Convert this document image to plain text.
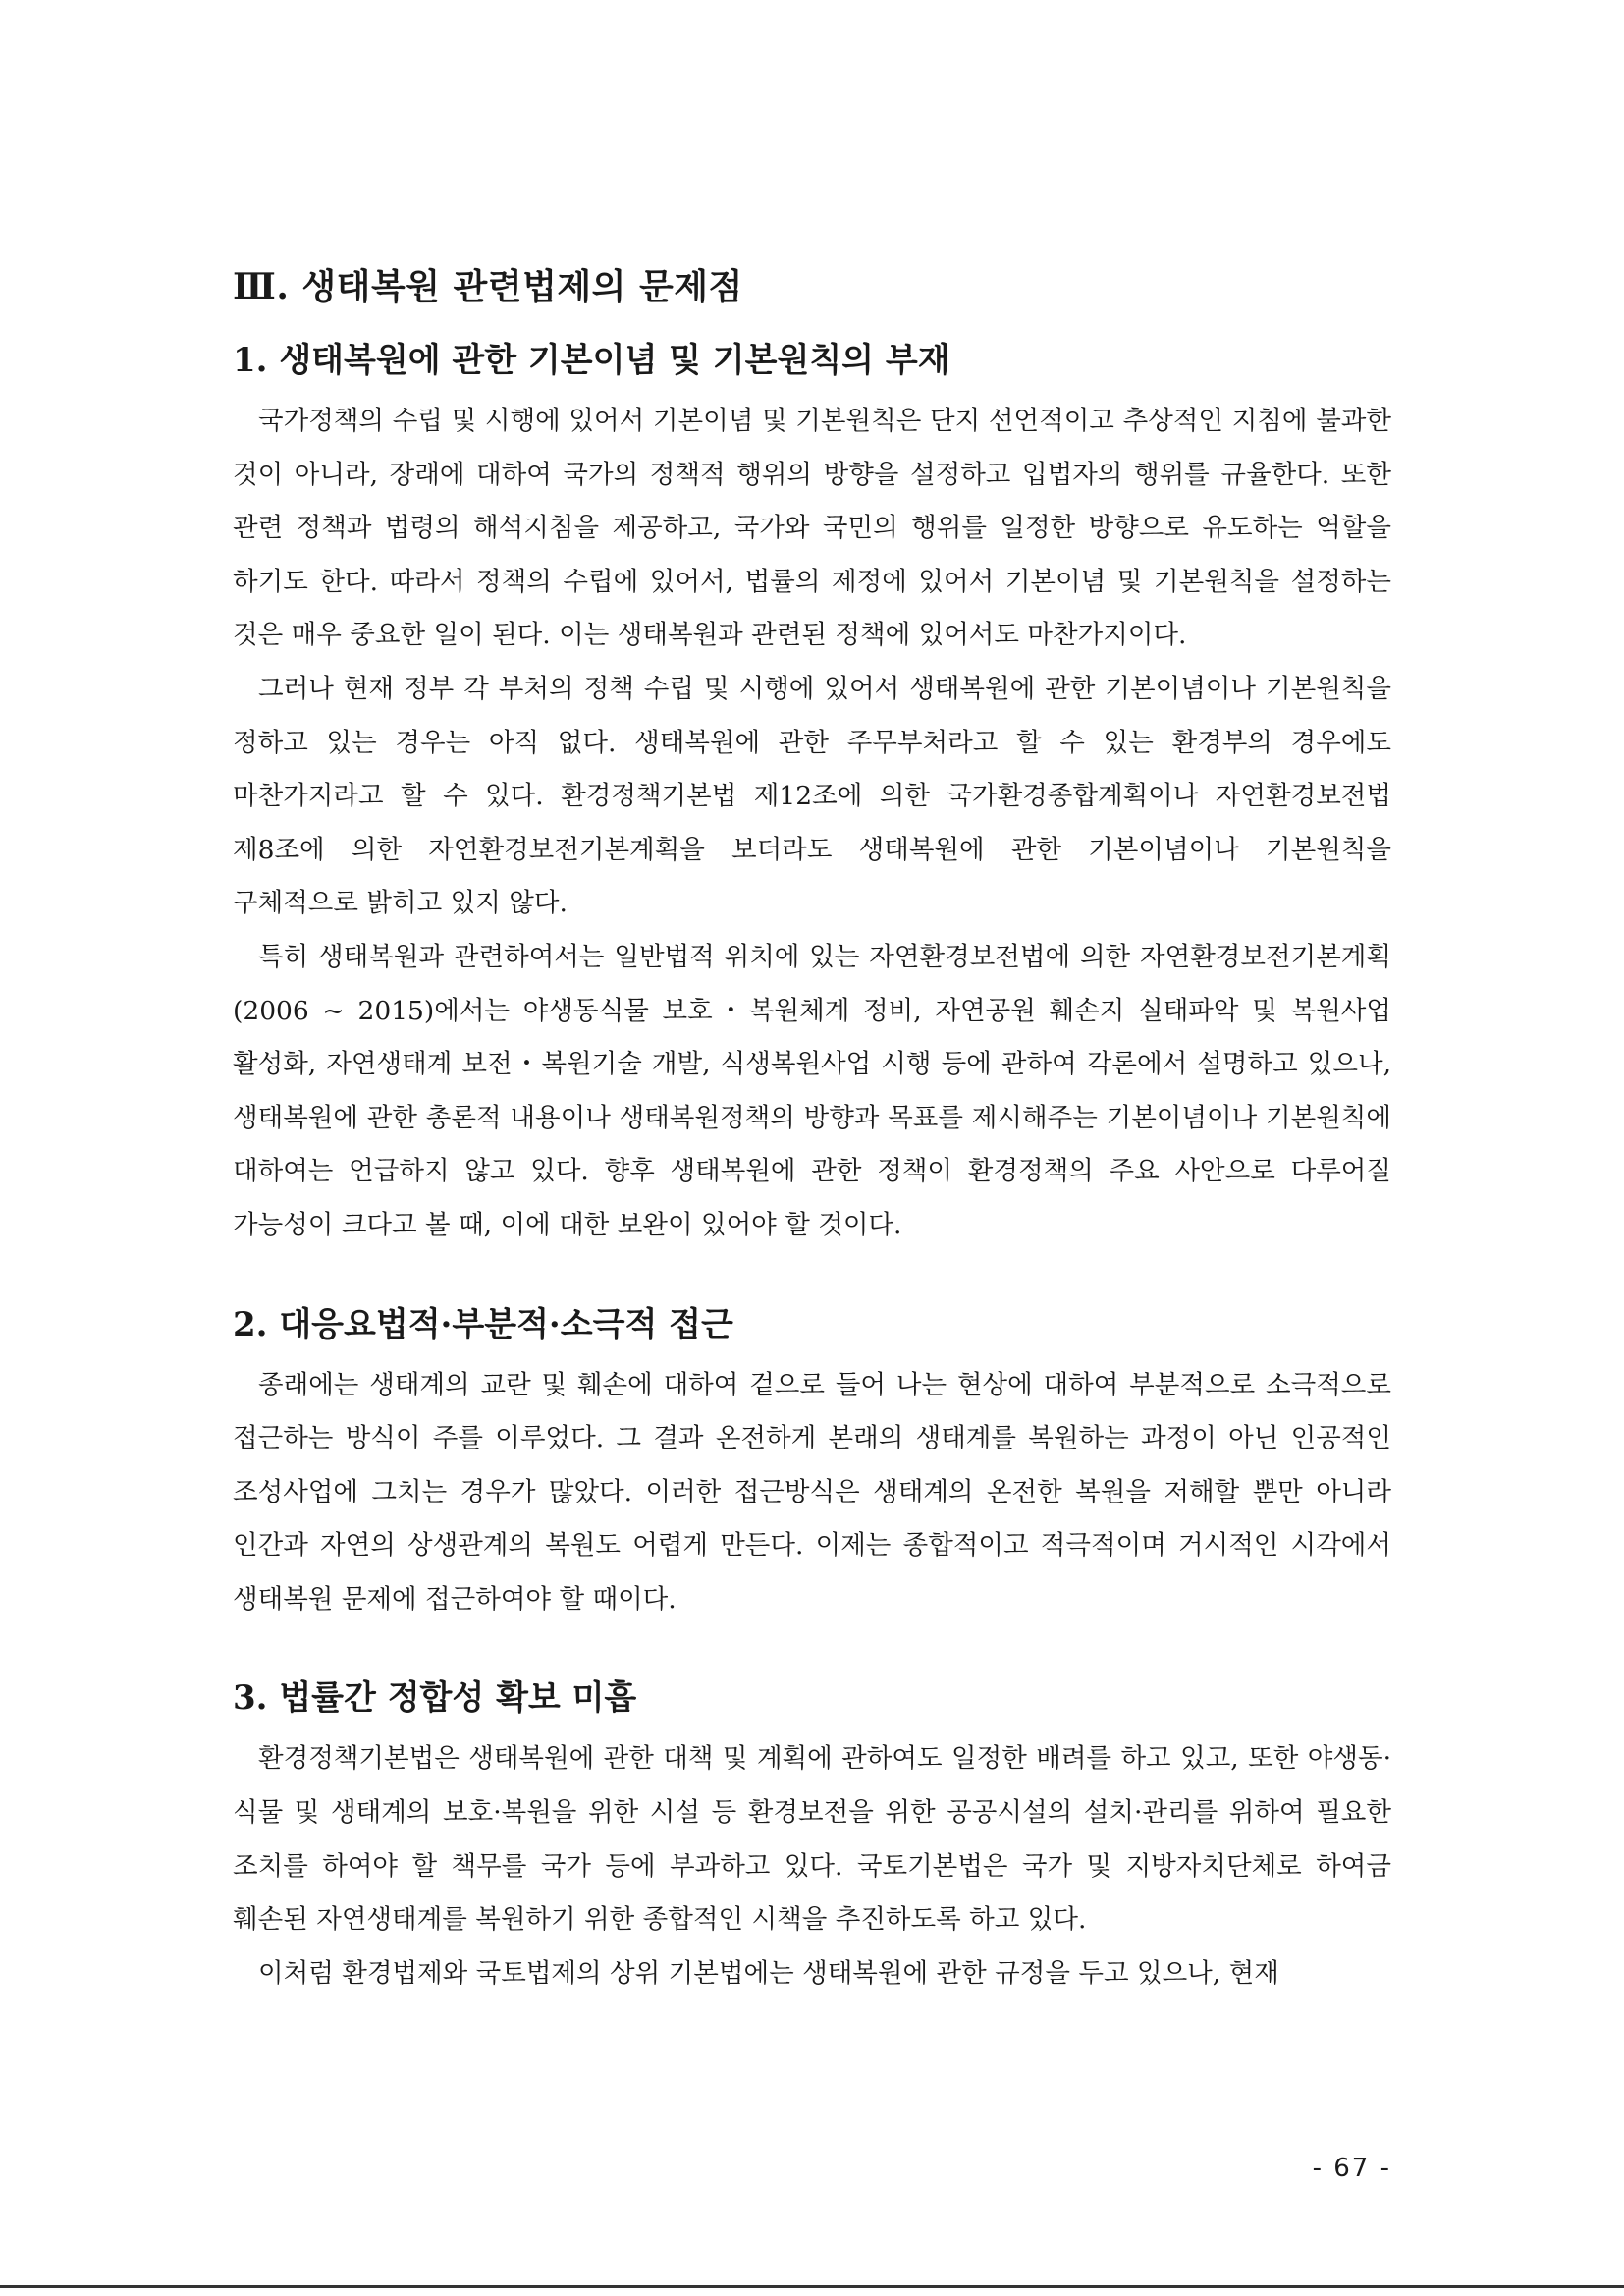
Ⅲ. 생태복원 관련법제의 문제점
1. 생태복원에 관한 기본이념 및 기본원칙의 부재

국가정책의 수립 및 시행에 있어서 기본이념 및 기본원칙은 단지 선언적이고 추상적인 지침에 불과한 것이 아니라, 장래에 대하여 국가의 정책적 행위의 방향을 설정하고 입법자의 행위를 규율한다. 또한 관련 정책과 법령의 해석지침을 제공하고, 국가와 국민의 행위를 일정한 방향으로 유도하는 역할을 하기도 한다. 따라서 정책의 수립에 있어서, 법률의 제정에 있어서 기본이념 및 기본원칙을 설정하는 것은 매우 중요한 일이 된다. 이는 생태복원과 관련된 정책에 있어서도 마찬가지이다.

그러나 현재 정부 각 부처의 정책 수립 및 시행에 있어서 생태복원에 관한 기본이념이나 기본원칙을 정하고 있는 경우는 아직 없다. 생태복원에 관한 주무부처라고 할 수 있는 환경부의 경우에도 마찬가지라고 할 수 있다. 환경정책기본법 제12조에 의한 국가환경종합계획이나 자연환경보전법 제8조에 의한 자연환경보전기본계획을 보더라도 생태복원에 관한 기본이념이나 기본원칙을 구체적으로 밝히고 있지 않다.

특히 생태복원과 관련하여서는 일반법적 위치에 있는 자연환경보전법에 의한 자연환경보전기본계획(2006 ~ 2015)에서는 야생동식물 보호・복원체계 정비, 자연공원 훼손지 실태파악 및 복원사업 활성화, 자연생태계 보전・복원기술 개발, 식생복원사업 시행 등에 관하여 각론에서 설명하고 있으나, 생태복원에 관한 총론적 내용이나 생태복원정책의 방향과 목표를 제시해주는 기본이념이나 기본원칙에 대하여는 언급하지 않고 있다. 향후 생태복원에 관한 정책이 환경정책의 주요 사안으로 다루어질 가능성이 크다고 볼 때, 이에 대한 보완이 있어야 할 것이다.

2. 대응요법적·부분적·소극적 접근

종래에는 생태계의 교란 및 훼손에 대하여 겉으로 들어 나는 현상에 대하여 부분적으로 소극적으로 접근하는 방식이 주를 이루었다. 그 결과 온전하게 본래의 생태계를 복원하는 과정이 아닌 인공적인 조성사업에 그치는 경우가 많았다. 이러한 접근방식은 생태계의 온전한 복원을 저해할 뿐만 아니라 인간과 자연의 상생관계의 복원도 어렵게 만든다. 이제는 종합적이고 적극적이며 거시적인 시각에서 생태복원 문제에 접근하여야 할 때이다.

3. 법률간 정합성 확보 미흡

환경정책기본법은 생태복원에 관한 대책 및 계획에 관하여도 일정한 배려를 하고 있고, 또한 야생동·식물 및 생태계의 보호·복원을 위한 시설 등 환경보전을 위한 공공시설의 설치·관리를 위하여 필요한 조치를 하여야 할 책무를 국가 등에 부과하고 있다. 국토기본법은 국가 및 지방자치단체로 하여금 훼손된 자연생태계를 복원하기 위한 종합적인 시책을 추진하도록 하고 있다.

이처럼 환경법제와 국토법제의 상위 기본법에는 생태복원에 관한 규정을 두고 있으나, 현재

- 67 -
